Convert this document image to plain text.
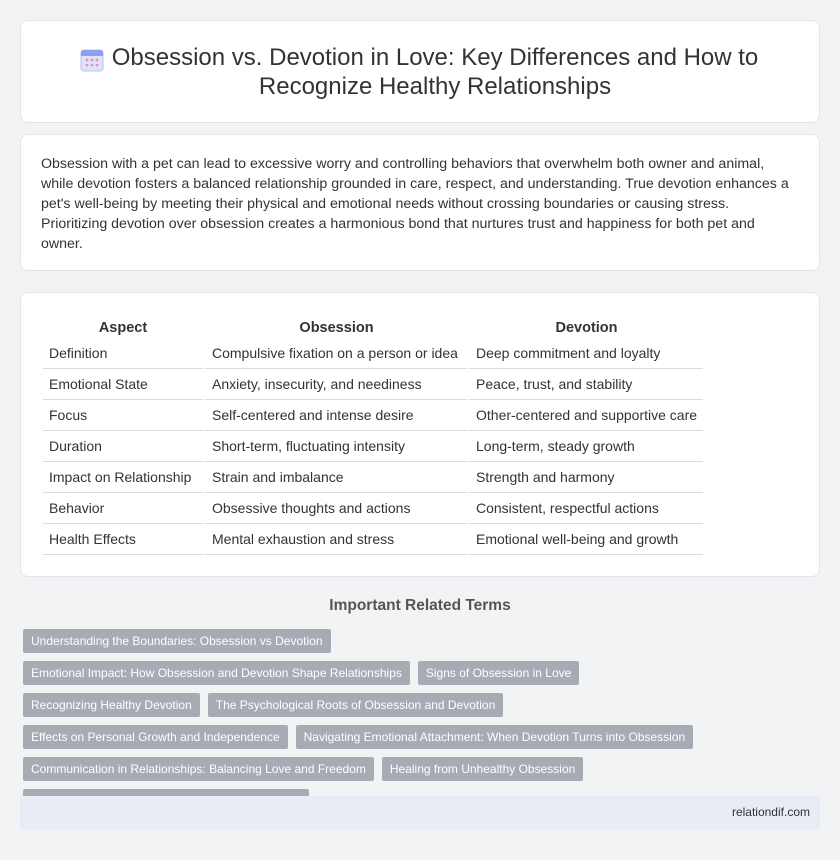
Obsession vs. Devotion in Love: Key Differences and How to Recognize Healthy Relationships

Obsession with a pet can lead to excessive worry and controlling behaviors that overwhelm both owner and animal, while devotion fosters a balanced relationship grounded in care, respect, and understanding. True devotion enhances a pet's well-being by meeting their physical and emotional needs without crossing boundaries or causing stress. Prioritizing devotion over obsession creates a harmonious bond that nurtures trust and happiness for both pet and owner.

Aspect	Obsession	Devotion
Definition	Compulsive fixation on a person or idea	Deep commitment and loyalty
Emotional State	Anxiety, insecurity, and neediness	Peace, trust, and stability
Focus	Self-centered and intense desire	Other-centered and supportive care
Duration	Short-term, fluctuating intensity	Long-term, steady growth
Impact on Relationship	Strain and imbalance	Strength and harmony
Behavior	Obsessive thoughts and actions	Consistent, respectful actions
Health Effects	Mental exhaustion and stress	Emotional well-being and growth
Important Related Terms
Understanding the Boundaries: Obsession vs Devotion
Emotional Impact: How Obsession and Devotion Shape Relationships	Signs of Obsession in Love
Recognizing Healthy Devotion	The Psychological Roots of Obsession and Devotion
Effects on Personal Growth and Independence	Navigating Emotional Attachment: When Devotion Turns into Obsession
Communication in Relationships: Balancing Love and Freedom	Healing from Unhealthy Obsession
relationdif.com
